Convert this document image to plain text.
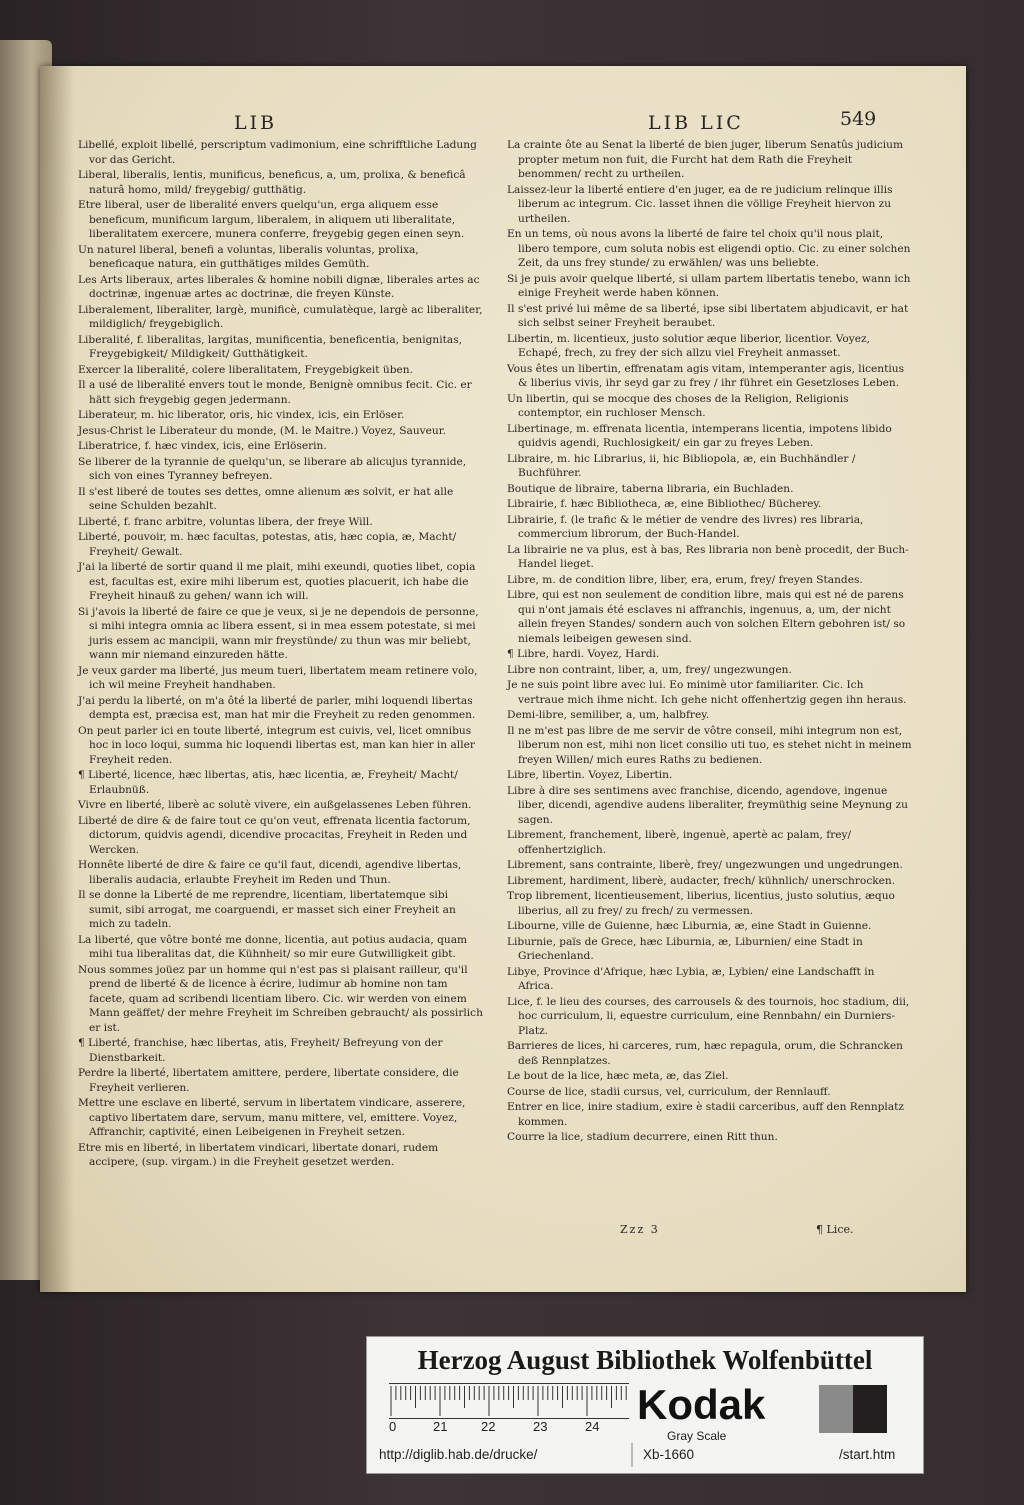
LIB	LIB LIC	549

Libellé, exploit libellé, perscriptum vadimonium, eine schrifftliche Ladung vor das Gericht.

Liberal, liberalis, lentis, munificus, beneficus, a, um, prolixa, & beneficâ naturâ homo, mild/ freygebig/ gutthätig.

Etre liberal, user de liberalité envers quelqu'un, erga aliquem esse beneficum, munificum largum, liberalem, in aliquem uti liberalitate, liberalitatem exercere, munera conferre, freygebig gegen einen seyn.

Un naturel liberal, benefi a voluntas, liberalis voluntas, prolixa, beneficaque natura, ein gutthätiges mildes Gemüth.

Les Arts liberaux, artes liberales & homine nobili dignæ, liberales artes ac doctrinæ, ingenuæ artes ac doctrinæ, die freyen Künste.

Liberalement, liberaliter, largè, munificè, cumulatèque, largè ac liberaliter, mildiglich/ freygebiglich.

Liberalité, f. liberalitas, largitas, munificentia, beneficentia, benignitas, Freygebigkeit/ Mildigkeit/ Gutthätigkeit.

Exercer la liberalité, colere liberalitatem, Freygebigkeit üben.

Il a usé de liberalité envers tout le monde, Benignè omnibus fecit. Cic. er hätt sich freygebig gegen jedermann.

Liberateur, m. hic liberator, oris, hic vindex, icis, ein Erlöser.

Jesus-Christ le Liberateur du monde, (M. le Maitre.) Voyez, Sauveur.

Liberatrice, f. hæc vindex, icis, eine Erlöserin.

Se liberer de la tyrannie de quelqu'un, se liberare ab alicujus tyrannide, sich von eines Tyranney befreyen.

Il s'est liberé de toutes ses dettes, omne alienum æs solvit, er hat alle seine Schulden bezahlt.

Liberté, f. franc arbitre, voluntas libera, der freye Will.

Liberté, pouvoir, m. hæc facultas, potestas, atis, hæc copia, æ, Macht/ Freyheit/ Gewalt.

J'ai la liberté de sortir quand il me plait, mihi exeundi, quoties libet, copia est, facultas est, exire mihi liberum est, quoties placuerit, ich habe die Freyheit hinauß zu gehen/ wann ich will.

Si j'avois la liberté de faire ce que je veux, si je ne dependois de personne, si mihi integra omnia ac libera essent, si in mea essem potestate, si mei juris essem ac mancipii, wann mir freystünde/ zu thun was mir beliebt, wann mir niemand einzureden hätte.

Je veux garder ma liberté, jus meum tueri, libertatem meam retinere volo, ich wil meine Freyheit handhaben.

J'ai perdu la liberté, on m'a ôté la liberté de parler, mihi loquendi libertas dempta est, præcisa est, man hat mir die Freyheit zu reden genommen.

On peut parler ici en toute liberté, integrum est cuivis, vel, licet omnibus hoc in loco loqui, summa hic loquendi libertas est, man kan hier in aller Freyheit reden.

¶ Liberté, licence, hæc libertas, atis, hæc licentia, æ, Freyheit/ Macht/ Erlaubnüß.

Vivre en liberté, liberè ac solutè vivere, ein außgelassenes Leben führen.

Liberté de dire & de faire tout ce qu'on veut, effrenata licentia factorum, dictorum, quidvis agendi, dicendive procacitas, Freyheit in Reden und Wercken.

Honnête liberté de dire & faire ce qu'il faut, dicendi, agendive libertas, liberalis audacia, erlaubte Freyheit im Reden und Thun.

Il se donne la Liberté de me reprendre, licentiam, libertatemque sibi sumit, sibi arrogat, me coarguendi, er masset sich einer Freyheit an mich zu tadeln.

La liberté, que vôtre bonté me donne, licentia, aut potius audacia, quam mihi tua liberalitas dat, die Kühnheit/ so mir eure Gutwilligkeit gibt.

Nous sommes joüez par un homme qui n'est pas si plaisant railleur, qu'il prend de liberté & de licence à écrire, ludimur ab homine non tam facete, quam ad scribendi licentiam libero. Cic. wir werden von einem Mann geäffet/ der mehre Freyheit im Schreiben gebraucht/ als possirlich er ist.

¶ Liberté, franchise, hæc libertas, atis, Freyheit/ Befreyung von der Dienstbarkeit.

Perdre la liberté, libertatem amittere, perdere, libertate considere, die Freyheit verlieren.

Mettre une esclave en liberté, servum in libertatem vindicare, asserere, captivo libertatem dare, servum, manu mittere, vel, emittere. Voyez, Affranchir, captivité, einen Leibeigenen in Freyheit setzen.

Etre mis en liberté, in libertatem vindicari, libertate donari, rudem accipere, (sup. virgam.) in die Freyheit gesetzet werden.

La crainte ôte au Senat la liberté de bien juger, liberum Senatûs judicium propter metum non fuit, die Furcht hat dem Rath die Freyheit benommen/ recht zu urtheilen.

Laissez-leur la liberté entiere d'en juger, ea de re judicium relinque illis liberum ac integrum. Cic. lasset ihnen die völlige Freyheit hiervon zu urtheilen.

En un tems, où nous avons la liberté de faire tel choix qu'il nous plait, libero tempore, cum soluta nobis est eligendi optio. Cic. zu einer solchen Zeit, da uns frey stunde/ zu erwählen/ was uns beliebte.

Si je puis avoir quelque liberté, si ullam partem libertatis tenebo, wann ich einige Freyheit werde haben können.

Il s'est privé lui même de sa liberté, ipse sibi libertatem abjudicavit, er hat sich selbst seiner Freyheit beraubet.

Libertin, m. licentieux, justo solutior æque liberior, licentior. Voyez, Echapé, frech, zu frey der sich allzu viel Freyheit anmasset.

Vous êtes un libertin, effrenatam agis vitam, intemperanter agis, licentius & liberius vivis, ihr seyd gar zu frey / ihr führet ein Gesetzloses Leben.

Un libertin, qui se mocque des choses de la Religion, Religionis contemptor, ein ruchloser Mensch.

Libertinage, m. effrenata licentia, intemperans licentia, impotens libido quidvis agendi, Ruchlosigkeit/ ein gar zu freyes Leben.

Libraire, m. hic Librarius, ii, hic Bibliopola, æ, ein Buchhändler / Buchführer.

Boutique de libraire, taberna libraria, ein Buchladen.

Librairie, f. hæc Bibliotheca, æ, eine Bibliothec/ Bücherey.

Librairie, f. (le trafic & le métier de vendre des livres) res libraria, commercium librorum, der Buch-Handel.

La librairie ne va plus, est à bas, Res libraria non benè procedit, der Buch-Handel lieget.

Libre, m. de condition libre, liber, era, erum, frey/ freyen Standes.

Libre, qui est non seulement de condition libre, mais qui est né de parens qui n'ont jamais été esclaves ni affranchis, ingenuus, a, um, der nicht allein freyen Standes/ sondern auch von solchen Eltern gebohren ist/ so niemals leibeigen gewesen sind.

¶ Libre, hardi. Voyez, Hardi.

Libre non contraint, liber, a, um, frey/ ungezwungen.

Je ne suis point libre avec lui. Eo minimè utor familiariter. Cic. Ich vertraue mich ihme nicht. Ich gehe nicht offenhertzig gegen ihn heraus.

Demi-libre, semiliber, a, um, halbfrey.

Il ne m'est pas libre de me servir de vôtre conseil, mihi integrum non est, liberum non est, mihi non licet consilio uti tuo, es stehet nicht in meinem freyen Willen/ mich eures Raths zu bedienen.

Libre, libertin. Voyez, Libertin.

Libre à dire ses sentimens avec franchise, dicendo, agendove, ingenue liber, dicendi, agendive audens liberaliter, freymüthig seine Meynung zu sagen.

Librement, franchement, liberè, ingenuè, apertè ac palam, frey/ offenhertziglich.

Librement, sans contrainte, liberè, frey/ ungezwungen und ungedrungen.

Librement, hardiment, liberè, audacter, frech/ kühnlich/ unerschrocken.

Trop librement, licentieusement, liberius, licentius, justo solutius, æquo liberius, all zu frey/ zu frech/ zu vermessen.

Libourne, ville de Guienne, hæc Liburnia, æ, eine Stadt in Guienne.

Liburnie, païs de Grece, hæc Liburnia, æ, Liburnien/ eine Stadt in Griechenland.

Libye, Province d'Afrique, hæc Lybia, æ, Lybien/ eine Landschafft in Africa.

Lice, f. le lieu des courses, des carrousels & des tournois, hoc stadium, dii, hoc curriculum, li, equestre curriculum, eine Rennbahn/ ein Durniers-Platz.

Barrieres de lices, hi carceres, rum, hæc repagula, orum, die Schrancken deß Rennplatzes.

Le bout de la lice, hæc meta, æ, das Ziel.

Course de lice, stadii cursus, vel, curriculum, der Rennlauff.

Entrer en lice, inire stadium, exire è stadii carceribus, auff den Rennplatz kommen.

Courre la lice, stadium decurrere, einen Ritt thun.

Zzz 3	¶ Lice.
Herzog August Bibliothek Wolfenbüttel
0	21	22	23	24 Kodak
Gray Scale
http://diglib.hab.de/drucke/	Xb-1660	/start.htm
